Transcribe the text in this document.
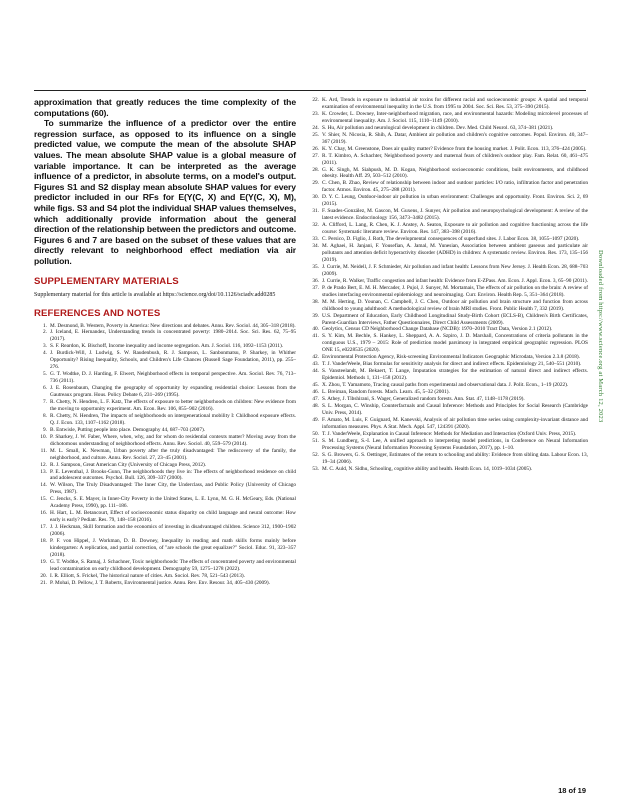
approximation that greatly reduces the time complexity of the computations (60).

To summarize the influence of a predictor over the entire regression surface, as opposed to its influence on a single predicted value, we compute the mean of the absolute SHAP values. The mean absolute SHAP value is a global measure of variable importance. It can be interpreted as the average influence of a predictor, in absolute terms, on a model's output. Figures S1 and S2 display mean absolute SHAP values for every predictor included in our RFs for E(Y(C, X) and E(Y(C, X), M), while figs. S3 and S4 plot the individual SHAP values themselves, which additionally provide information about the general direction of the relationship between the predictors and outcome. Figures 6 and 7 are based on the subset of these values that are directly relevant to neighborhood effect mediation via air pollution.

SUPPLEMENTARY MATERIALS
Supplementary material for this article is available at https://science.org/doi/10.1126/sciadv.add0285
REFERENCES AND NOTES
1. M. Desmond, B. Western, Poverty in America: New directions and debates. Annu. Rev. Sociol. 44, 305–318 (2018).
2. J. Iceland, E. Hernandez, Understanding trends in concentrated poverty: 1980–2014. Soc. Sci. Res. 62, 75–95 (2017).
3. S. F. Reardon, K. Bischoff, Income inequality and income segregation. Am. J. Sociol. 116, 1092–1153 (2011).
4. J. Burdick-Will, J. Ludwig, S. W. Raudenbush, R. J. Sampson, L. Sanbonmatsu, P. Sharkey, in Whither Opportunity? Rising Inequality, Schools, and Children's Life Chances (Russell Sage Foundation, 2011), pp. 255–276.
5. G. T. Wodtke, D. J. Harding, F. Elwert, Neighborhood effects in temporal perspective. Am. Sociol. Rev. 76, 713–736 (2011).
6. J. E. Rosenbaum, Changing the geography of opportunity by expanding residential choice: Lessons from the Gautreaux program. Hous. Policy Debate 6, 231–269 (1995).
7. R. Chetty, N. Hendren, L. F. Katz, The effects of exposure to better neighborhoods on children: New evidence from the moving to opportunity experiment. Am. Econ. Rev. 106, 855–902 (2016).
8. R. Chetty, N. Hendren, The impacts of neighborhoods on intergenerational mobility I: Childhood exposure effects. Q. J. Econ. 133, 1107–1162 (2018).
9. B. Entwisle, Putting people into place. Demography 44, 687–703 (2007).
10. P. Sharkey, J. W. Faber, Where, when, why, and for whom do residential contexts matter? Moving away from the dichotomous understanding of neighborhood effects. Annu. Rev. Sociol. 40, 559–579 (2014).
11. M. L. Small, K. Newman, Urban poverty after the truly disadvantaged: The rediscovery of the family, the neighborhood, and culture. Annu. Rev. Sociol. 27, 23–45 (2001).
12. R. J. Sampson, Great American City (University of Chicago Press, 2012).
13. P. E. Leventhal, J. Brooks-Gunn, The neighborhoods they live in: The effects of neighborhood residence on child and adolescent outcomes. Psychol. Bull. 126, 309–337 (2000).
14. W. Wilson, The Truly Disadvantaged: The Inner City, the Underclass, and Public Policy (University of Chicago Press, 1987).
15. C. Jencks, S. E. Mayer, in Inner-City Poverty in the United States, L. E. Lynn, M. G. H. McGeary, Eds. (National Academy Press, 1990), pp. 111–186.
16. H. Hart, L. M. Betancourt, Effect of socioeconomic status disparity on child language and neural outcome: How early is early? Pediatr. Res. 79, 148–158 (2016).
17. J. J. Heckman, Skill formation and the economics of investing in disadvantaged children. Science 312, 1900–1902 (2006).
18. P. F. von Hippel, J. Workman, D. B. Downey, Inequality in reading and math skills forms mainly before kindergarten: A replication, and partial correction, of "are schools the great equalizer?" Sociol. Educ. 91, 323–357 (2018).
19. G. T. Wodtke, S. Ramaj, J. Schachner, Toxic neighborhoods: The effects of concentrated poverty and environmental lead contamination on early childhood development. Demography 59, 1275–1278 (2022).
20. I. R. Elliott, S. Frickel, The historical nature of cities. Am. Sociol. Rev. 78, 521–543 (2013).
21. P. Mohai, D. Pellow, J. T. Roberts, Environmental justice. Annu. Rev. Env. Resour. 34, 405–430 (2009).
22. K. Ard, Trends in exposure to industrial air toxins for different racial and socioeconomic groups: A spatial and temporal examination of environmental inequality in the U.S. from 1995 to 2004. Soc. Sci. Res. 53, 375–390 (2015).
23. K. Crowder, L. Downey, Inter-neighborhood migration, race, and environmental hazards: Modeling microlevel processes of environmental inequality. Am. J. Sociol. 115, 1110–1149 (2010).
24. S. Hu, Air pollution and neurological development in children. Dev. Med. Child Neurol. 63, 374–381 (2021).
25. V. Shier, N. Nicosia, R. Shih, A. Datar, Ambient air pollution and children's cognitive outcomes. Popul. Environ. 40, 347–367 (2019).
26. K. Y. Chay, M. Greenstone, Does air quality matter? Evidence from the housing market. J. Polit. Econ. 113, 376–424 (2005).
27. R. T. Kimbro, A. Schachter, Neighborhood poverty and maternal fears of children's outdoor play. Fam. Relat. 60, 461–475 (2011).
28. G. K. Singh, M. Siahpush, M. D. Kogan, Neighborhood socioeconomic conditions, built environments, and childhood obesity. Health Aff. 29, 503–512 (2010).
29. C. Chen, B. Zhao, Review of relationship between indoor and outdoor particles: I/O ratio, infiltration factor and penetration factor. Atmos. Environ. 45, 275–288 (2011).
30. D. Y. C. Leung, Outdoor-indoor air pollution in urban environment: Challenges and opportunity. Front. Environ. Sci. 2, 69 (2015).
31. F. Suades-González, M. Gascon, M. Guxens, J. Sunyer, Air pollution and neuropsychological development: A review of the latest evidence. Endocrinology 156, 3473–3482 (2015).
32. A. Clifford, L. Lang, R. Chen, K. J. Anstey, A. Seaton, Exposure to air pollution and cognitive functioning across the life course: Systematic literature review. Environ. Res. 147, 383–398 (2016).
33. C. Persico, D. Figlio, J. Roth, The developmental consequences of superfund sites. J. Labor Econ. 38, 1055–1097 (2020).
34. M. Aghaei, H. Janjani, F. Yousefian, A. Jamal, M. Yunesian, Association between ambient gaseous and particulate air pollutants and attention deficit hyperactivity disorder (ADHD) in children: A systematic review. Environ. Res. 173, 135–156 (2019).
35. J. Currie, M. Neidell, J. F. Schmieder, Air pollution and infant health: Lessons from New Jersey. J. Health Econ. 28, 688–703 (2009).
36. J. Currie, R. Walker, Traffic congestion and infant health: Evidence from E-ZPass. Am. Econ. J. Appl. Econ. 3, 65–90 (2011).
37. P. de Prado Bert, E. M. H. Mercader, J. Pujol, J. Sunyer, M. Mortamais, The effects of air pollution on the brain: A review of studies interfacing environmental epidemiology and neuroimaging. Curr. Environ. Health Rep. 5, 351–364 (2018).
38. M. M. Herting, D. Younan, C. Campbell, J. C. Chen, Outdoor air pollution and brain structure and function from across childhood to young adulthood: A methodological review of brain MRI studies. Front. Public Health 7, 332 (2019).
39. U.S. Department of Education, Early Childhood Longitudinal Study-Birth Cohort (ECLS-B), Children's Birth Certificates, Parent-Guardian Interviews, Father Questionnaires, Direct Child Assessments (2009).
40. Geolytics, Census CD Neighborhood Change Database (NCDB): 1970–2010 Tract Data, Version 2.1 (2012).
41. S. Y. Kim, M. Bechle, S. Hankey, L. Sheppard, A. A. Szpiro, J. D. Marshall, Concentrations of criteria pollutants in the contiguous U.S., 1979 – 2015: Role of prediction model parsimony in integrated empirical geographic regression. PLOS ONE 15, e0228535 (2020).
42. Environmental Protection Agency, Risk-screening Environmental Indicators Geographic Microdata, Version 2.3.8 (2018).
43. T. J. VanderWeele, Bias formulas for sensitivity analysis for direct and indirect effects. Epidemiology 21, 540–551 (2010).
44. S. Vansteelandt, M. Bekaert, T. Lange, Imputation strategies for the estimation of natural direct and indirect effects. Epidemiol. Methods 1, 131–158 (2012).
45. X. Zhou, T. Yamamoto, Tracing causal paths from experimental and observational data. J. Polit. Econ., 1–19 (2022).
46. L. Breiman, Random forests. Mach. Learn. 45, 5–32 (2001).
47. S. Athey, J. Tibshirani, S. Wager, Generalized random forests. Ann. Stat. 47, 1148–1178 (2019).
48. S. L. Morgan, C. Winship, Counterfactuals and Causal Inference: Methods and Principles for Social Research (Cambridge Univ. Press, 2014).
49. F. Amato, M. Luis, F. Guignard, M. Kanevski, Analysis of air pollution time series using complexity-invariant distance and information measures. Phys. A Stat. Mech. Appl. 547, 124391 (2020).
50. T. J. VanderWeele, Explanation in Causal Inference: Methods for Mediation and Interaction (Oxford Univ. Press, 2015).
51. S. M. Lundberg, S.-I. Lee, A unified approach to interpreting model predictions, in Conference on Neural Information Processing Systems (Neural Information Processing Systems Foundation, 2017), pp. 1–10.
52. S. G. Browers, G. S. Oettinger, Estimates of the return to schooling and ability: Evidence from sibling data. Labour Econ. 13, 19–34 (2006).
53. M. C. Auld, N. Sidhu, Schooling, cognitive ability and health. Health Econ. 14, 1019–1034 (2005).
Downloaded from https://www.science.org at March 12, 2023
18 of 19
